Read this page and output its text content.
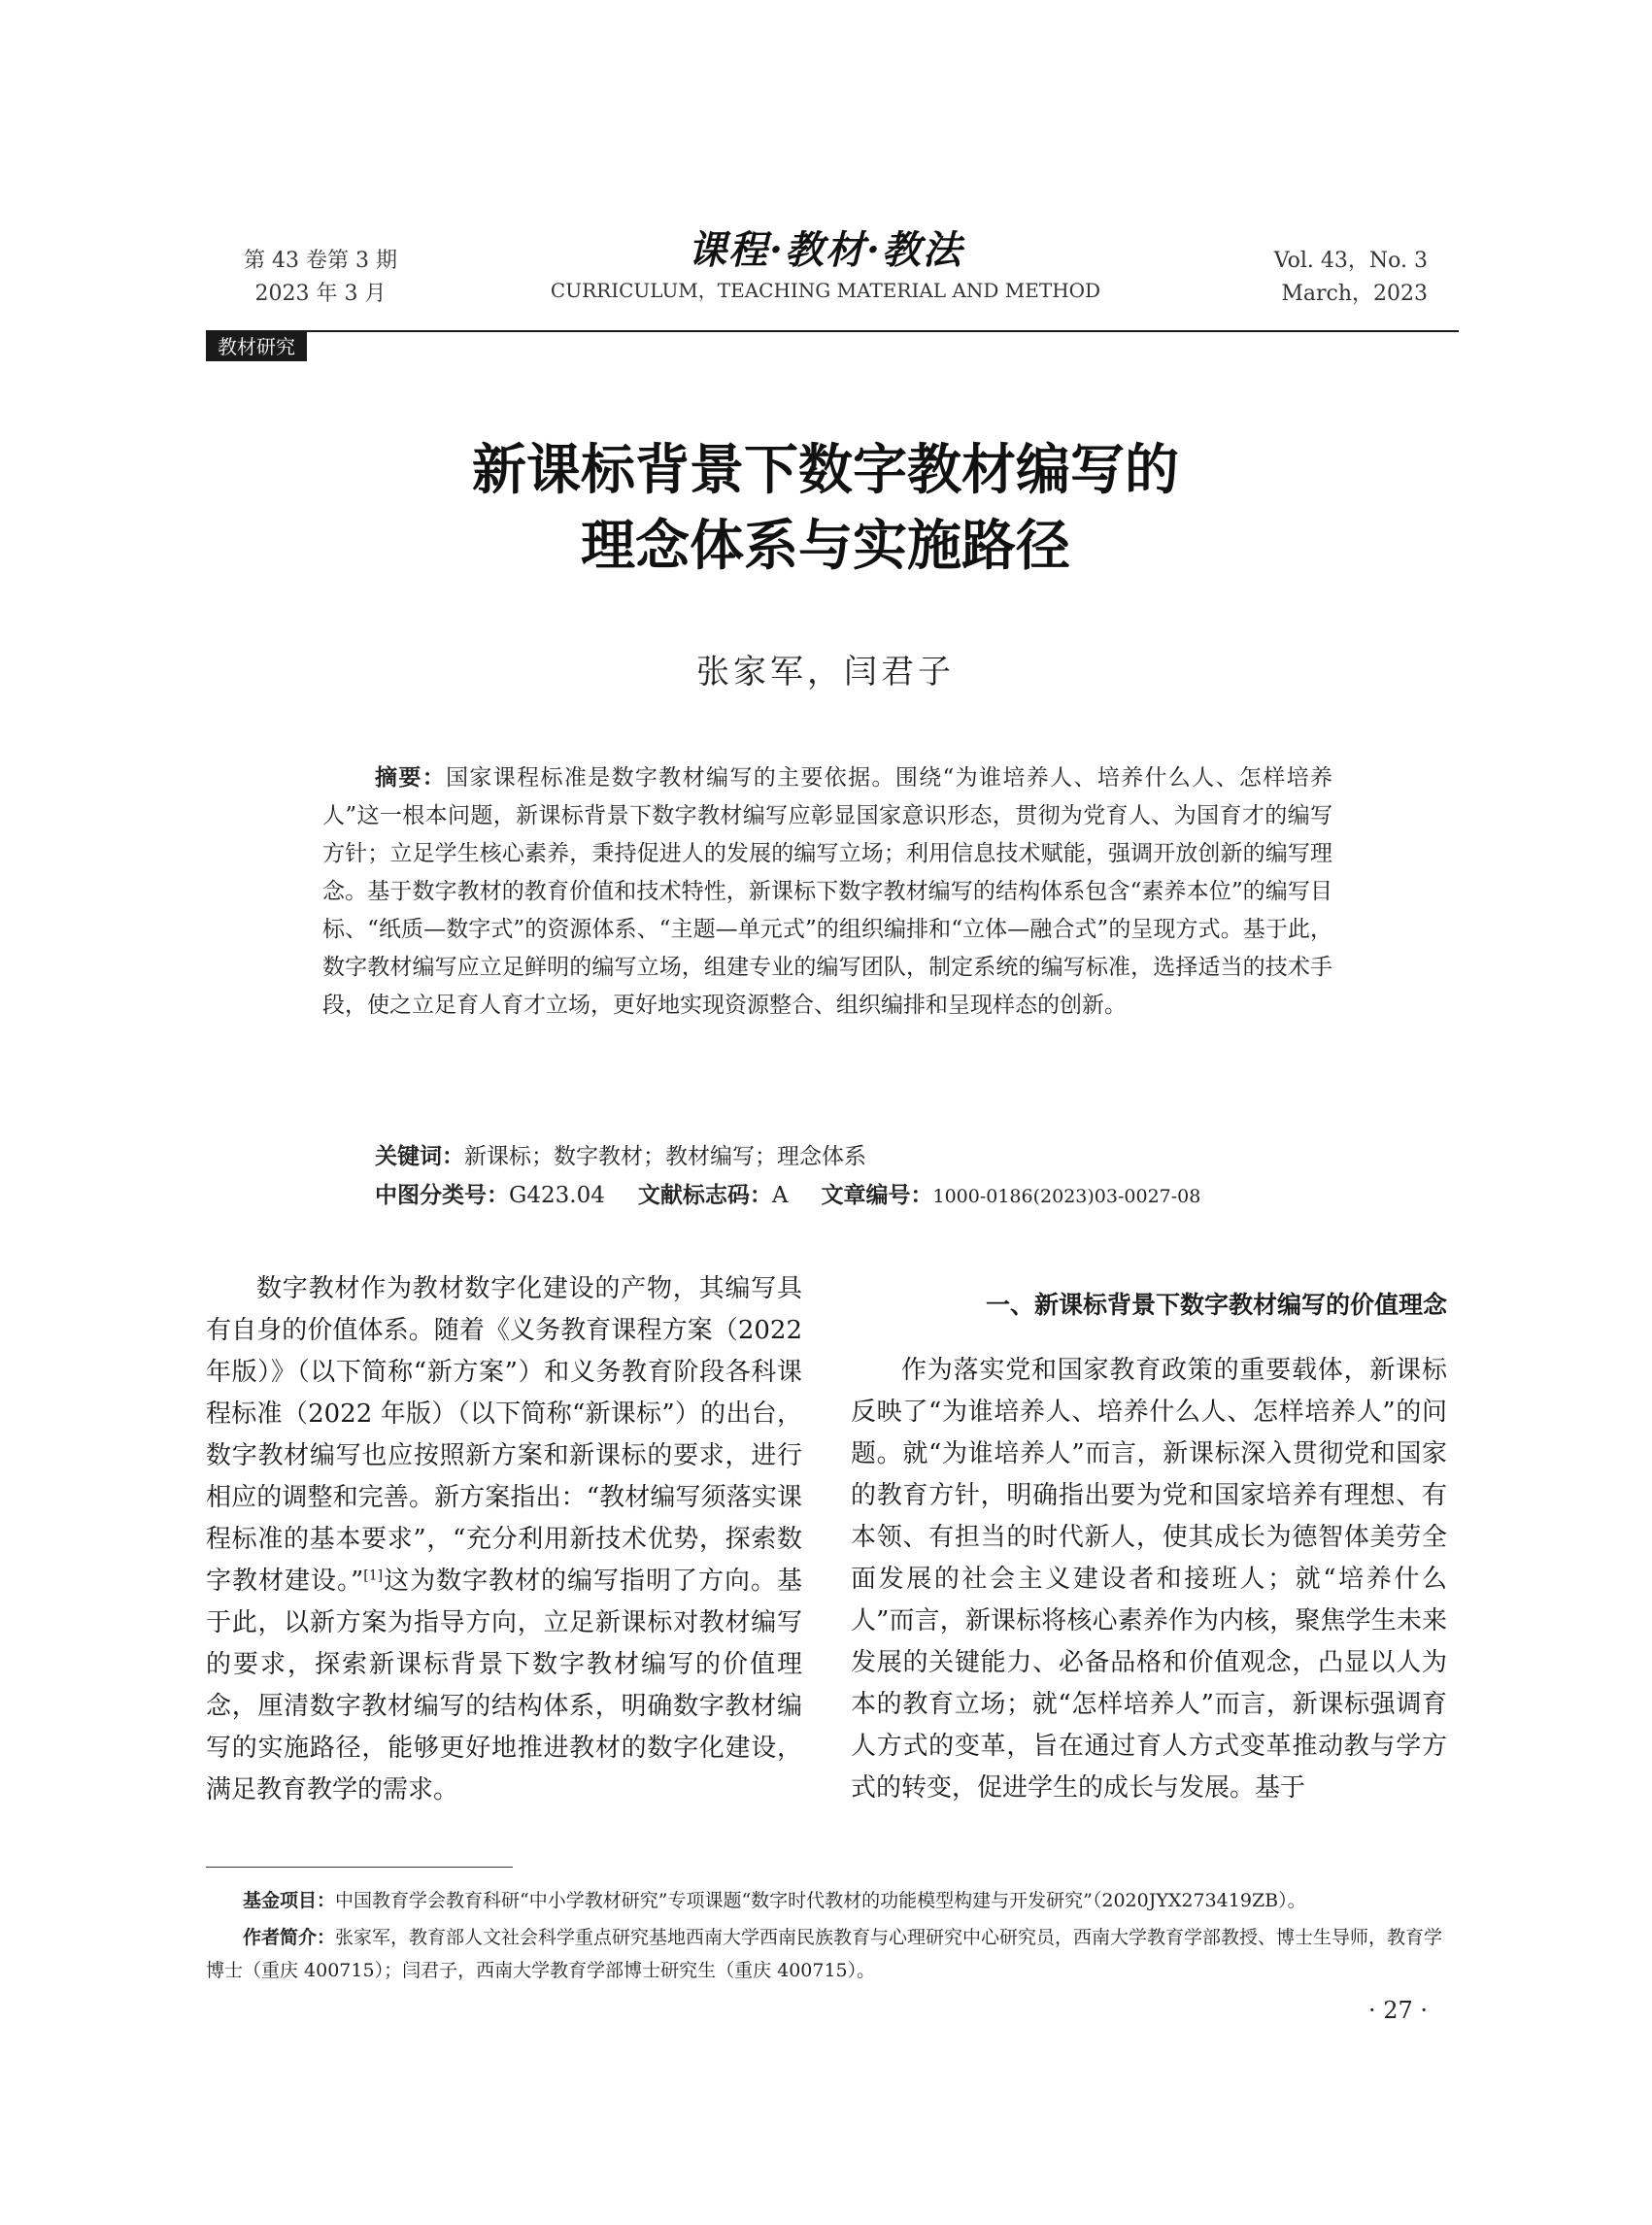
第 43 卷第 3 期
2023 年 3 月
课程·教材·教法
CURRICULUM，TEACHING MATERIAL AND METHOD
Vol. 43，No. 3
March，2023
教材研究
新课标背景下数字教材编写的
理念体系与实施路径
张家军，闫君子
摘要：国家课程标准是数字教材编写的主要依据。围绕“为谁培养人、培养什么人、怎样培养人”这一根本问题，新课标背景下数字教材编写应彰显国家意识形态，贯彻为党育人、为国育才的编写方针；立足学生核心素养，秉持促进人的发展的编写立场；利用信息技术赋能，强调开放创新的编写理念。基于数字教材的教育价值和技术特性，新课标下数字教材编写的结构体系包含“素养本位”的编写目标、“纸质—数字式”的资源体系、“主题—单元式”的组织编排和“立体—融合式”的呈现方式。基于此，数字教材编写应立足鲜明的编写立场，组建专业的编写团队，制定系统的编写标准，选择适当的技术手段，使之立足育人育才立场，更好地实现资源整合、组织编排和呈现样态的创新。
关键词：新课标；数字教材；教材编写；理念体系
中图分类号：G423.04 文献标志码：A 文章编号：1000-0186(2023)03-0027-08

数字教材作为教材数字化建设的产物，其编写具有自身的价值体系。随着《义务教育课程方案（2022 年版）》（以下简称“新方案”）和义务教育阶段各科课程标准（2022 年版）（以下简称“新课标”）的出台，数字教材编写也应按照新方案和新课标的要求，进行相应的调整和完善。新方案指出：“教材编写须落实课程标准的基本要求”，“充分利用新技术优势，探索数字教材建设。”[1]这为数字教材的编写指明了方向。基于此，以新方案为指导方向，立足新课标对教材编写的要求，探索新课标背景下数字教材编写的价值理念，厘清数字教材编写的结构体系，明确数字教材编写的实施路径，能够更好地推进教材的数字化建设，满足教育教学的需求。

一、新课标背景下数字教材编写的价值理念

作为落实党和国家教育政策的重要载体，新课标反映了“为谁培养人、培养什么人、怎样培养人”的问题。就“为谁培养人”而言，新课标深入贯彻党和国家的教育方针，明确指出要为党和国家培养有理想、有本领、有担当的时代新人，使其成长为德智体美劳全面发展的社会主义建设者和接班人；就“培养什么人”而言，新课标将核心素养作为内核，聚焦学生未来发展的关键能力、必备品格和价值观念，凸显以人为本的教育立场；就“怎样培养人”而言，新课标强调育人方式的变革，旨在通过育人方式变革推动教与学方式的转变，促进学生的成长与发展。基于

基金项目：中国教育学会教育科研“中小学教材研究”专项课题“数字时代教材的功能模型构建与开发研究”（2020JYX273419ZB）。
作者简介：张家军，教育部人文社会科学重点研究基地西南大学西南民族教育与心理研究中心研究员，西南大学教育学部教授、博士生导师，教育学博士（重庆 400715）；闫君子，西南大学教育学部博士研究生（重庆 400715）。
· 27 ·
